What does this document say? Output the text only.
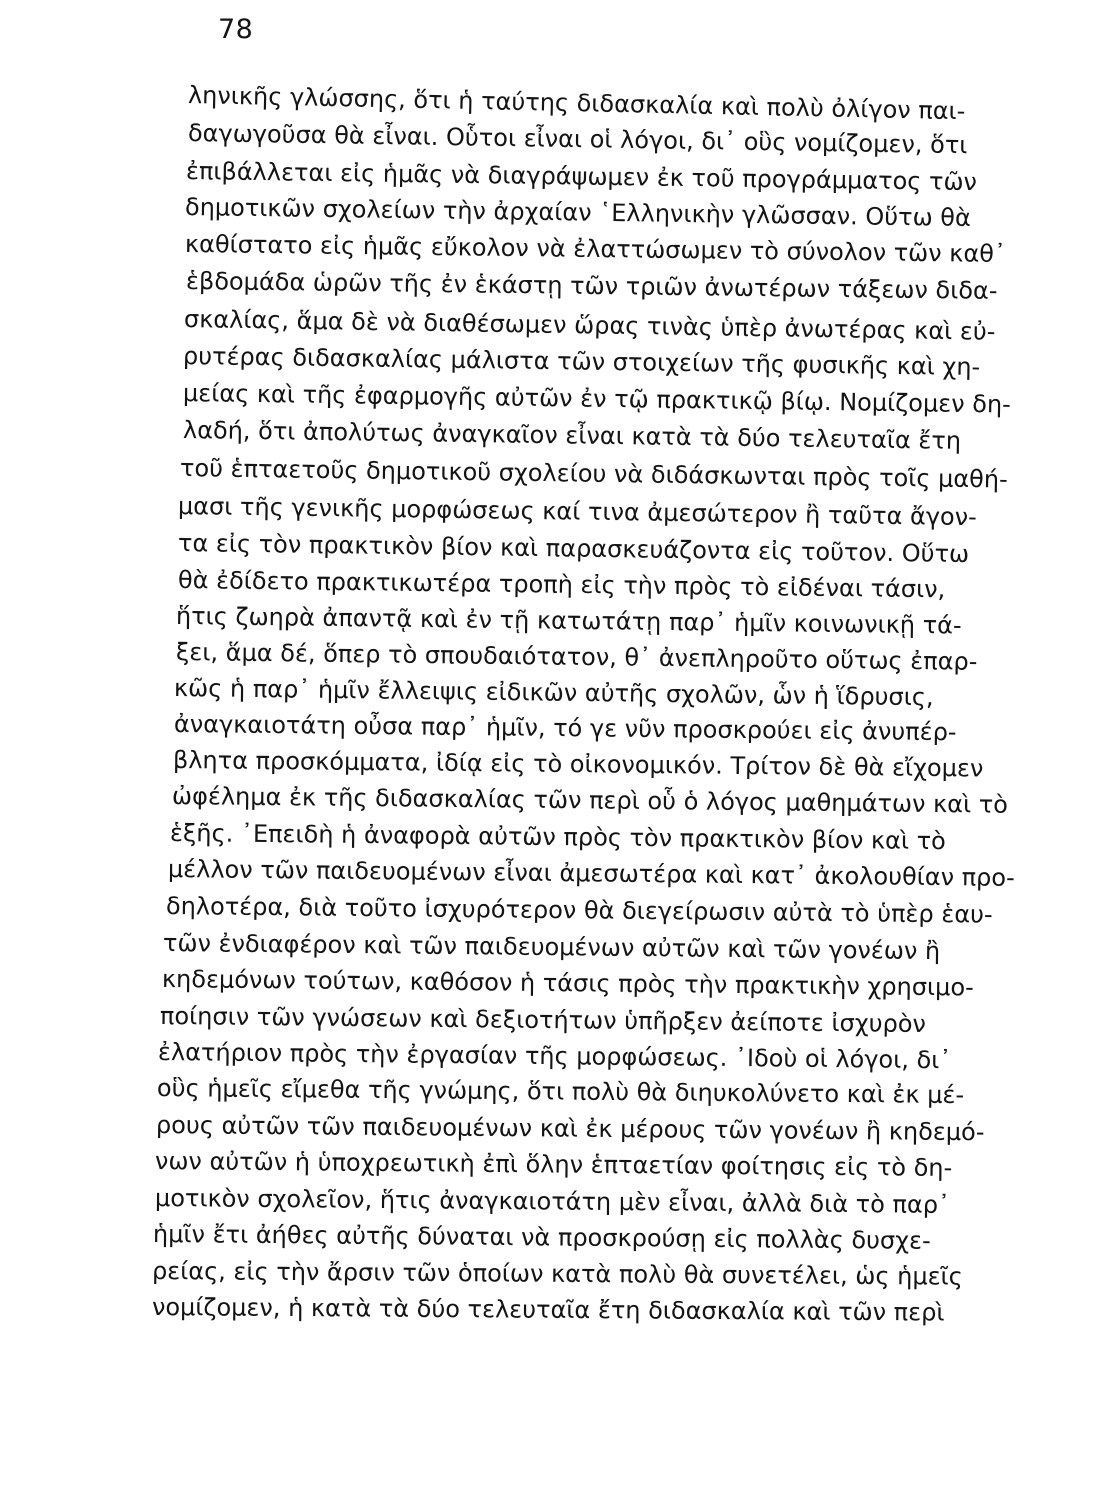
78
ληνικῆς γλώσσης, ὅτι ἡ ταύτης διδασκαλία καὶ πολὺ ὀλίγον παι-
δαγωγοῦσα θὰ εἶναι. Οὗτοι εἶναι οἱ λόγοι, δι᾽ οὓς νομίζομεν, ὅτι
ἐπιβάλλεται εἰς ἡμᾶς νὰ διαγράψωμεν ἐκ τοῦ προγράμματος τῶν
δημοτικῶν σχολείων τὴν ἀρχαίαν ῾Ελληνικὴν γλῶσσαν. Οὕτω θὰ
καθίστατο εἰς ἡμᾶς εὔκολον νὰ ἐλαττώσωμεν τὸ σύνολον τῶν καθ᾽
ἑβδομάδα ὡρῶν τῆς ἐν ἑκάστῃ τῶν τριῶν ἀνωτέρων τάξεων διδα-
σκαλίας, ἅμα δὲ νὰ διαθέσωμεν ὥρας τινὰς ὑπὲρ ἀνωτέρας καὶ εὐ-
ρυτέρας διδασκαλίας μάλιστα τῶν στοιχείων τῆς φυσικῆς καὶ χη-
μείας καὶ τῆς ἐφαρμογῆς αὐτῶν ἐν τῷ πρακτικῷ βίῳ. Νομίζομεν δη-
λαδή, ὅτι ἀπολύτως ἀναγκαῖον εἶναι κατὰ τὰ δύο τελευταῖα ἔτη
τοῦ ἑπταετοῦς δημοτικοῦ σχολείου νὰ διδάσκωνται πρὸς τοῖς μαθή-
μασι τῆς γενικῆς μορφώσεως καί τινα ἀμεσώτερον ἢ ταῦτα ἄγον-
τα εἰς τὸν πρακτικὸν βίον καὶ παρασκευάζοντα εἰς τοῦτον. Οὕτω
θὰ ἐδίδετο πρακτικωτέρα τροπὴ εἰς τὴν πρὸς τὸ εἰδέναι τάσιν,
ἥτις ζωηρὰ ἀπαντᾷ καὶ ἐν τῇ κατωτάτῃ παρ᾽ ἡμῖν κοινωνικῇ τά-
ξει, ἅμα δέ, ὅπερ τὸ σπουδαιότατον, θ᾽ ἀνεπληροῦτο οὕτως ἐπαρ-
κῶς ἡ παρ᾽ ἡμῖν ἔλλειψις εἰδικῶν αὐτῆς σχολῶν, ὧν ἡ ἵδρυσις,
ἀναγκαιοτάτη οὖσα παρ᾽ ἡμῖν, τό γε νῦν προσκρούει εἰς ἀνυπέρ-
βλητα προσκόμματα, ἰδίᾳ εἰς τὸ οἰκονομικόν. Τρίτον δὲ θὰ εἴχομεν
ὠφέλημα ἐκ τῆς διδασκαλίας τῶν περὶ οὗ ὁ λόγος μαθημάτων καὶ τὸ
ἑξῆς. ᾿Επειδὴ ἡ ἀναφορὰ αὐτῶν πρὸς τὸν πρακτικὸν βίον καὶ τὸ
μέλλον τῶν παιδευομένων εἶναι ἀμεσωτέρα καὶ κατ᾽ ἀκολουθίαν προ-
δηλοτέρα, διὰ τοῦτο ἰσχυρότερον θὰ διεγείρωσιν αὐτὰ τὸ ὑπὲρ ἑαυ-
τῶν ἐνδιαφέρον καὶ τῶν παιδευομένων αὐτῶν καὶ τῶν γονέων ἢ
κηδεμόνων τούτων, καθόσον ἡ τάσις πρὸς τὴν πρακτικὴν χρησιμο-
ποίησιν τῶν γνώσεων καὶ δεξιοτήτων ὑπῆρξεν ἀείποτε ἰσχυρὸν
ἐλατήριον πρὸς τὴν ἐργασίαν τῆς μορφώσεως. ᾿Ιδοὺ οἱ λόγοι, δι᾽
οὓς ἡμεῖς εἴμεθα τῆς γνώμης, ὅτι πολὺ θὰ διηυκολύνετο καὶ ἐκ μέ-
ρους αὐτῶν τῶν παιδευομένων καὶ ἐκ μέρους τῶν γονέων ἢ κηδεμό-
νων αὐτῶν ἡ ὑποχρεωτικὴ ἐπὶ ὅλην ἑπταετίαν φοίτησις εἰς τὸ δη-
μοτικὸν σχολεῖον, ἥτις ἀναγκαιοτάτη μὲν εἶναι, ἀλλὰ διὰ τὸ παρ᾽
ἡμῖν ἔτι ἀήθες αὐτῆς δύναται νὰ προσκρούσῃ εἰς πολλὰς δυσχε-
ρείας, εἰς τὴν ἄρσιν τῶν ὁποίων κατὰ πολὺ θὰ συνετέλει, ὡς ἡμεῖς
νομίζομεν, ἡ κατὰ τὰ δύο τελευταῖα ἔτη διδασκαλία καὶ τῶν περὶ
